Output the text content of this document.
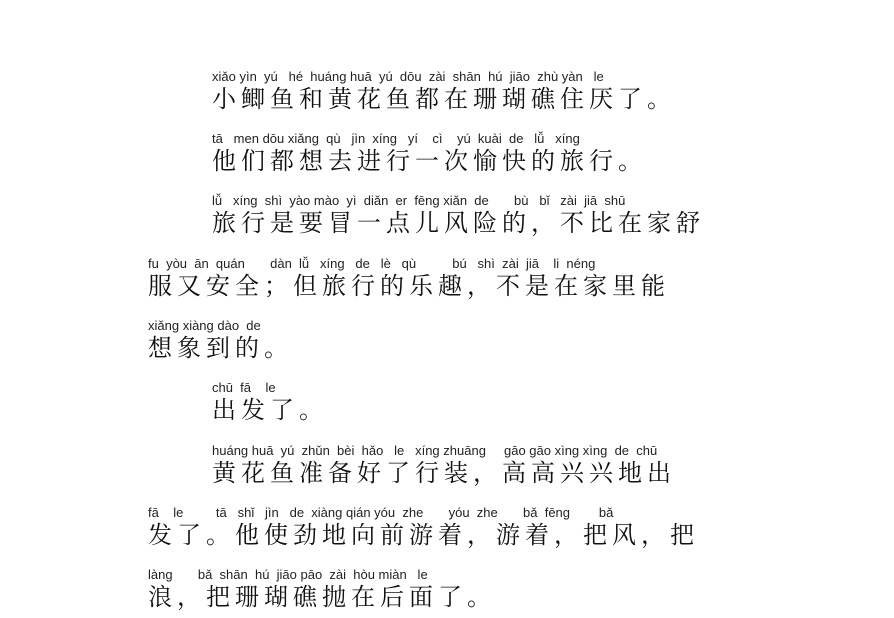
xiǎo yìn  yú   hé  huáng huā  yú  dōu  zài  shān  hú  jiāo  zhù yàn   le
小鲫鱼和黄花鱼都在珊瑚礁住厌了。
tā   men dōu xiǎng  qù   jìn  xíng   yí    cì    yú  kuài  de   lǚ   xíng
他们都想去进行一次愉快的旅行。
lǚ   xíng  shì  yào mào  yì  diǎn  er  fēng xiǎn  de       bù   bǐ   zài  jiā  shū
旅行是要冒一点儿风险的，不比在家舒
fu  yòu  ān  quán       dàn  lǚ   xíng   de   lè   qù          bú   shì  zài  jiā    li  néng
服又安全；但旅行的乐趣，不是在家里能
xiǎng xiàng dào  de
想象到的。
chū  fā    le
出发了。
huáng huā  yú  zhǔn  bèi  hǎo   le   xíng zhuāng     gāo gāo xìng xìng  de  chū
黄花鱼准备好了行装，高高兴兴地出
fā    le         tā   shǐ   jìn   de  xiàng qián yóu  zhe       yóu  zhe       bǎ  fēng        bǎ
发了。他使劲地向前游着，游着，把风，把
làng       bǎ  shān  hú  jiāo pāo  zài  hòu miàn   le
浪，把珊瑚礁抛在后面了。
